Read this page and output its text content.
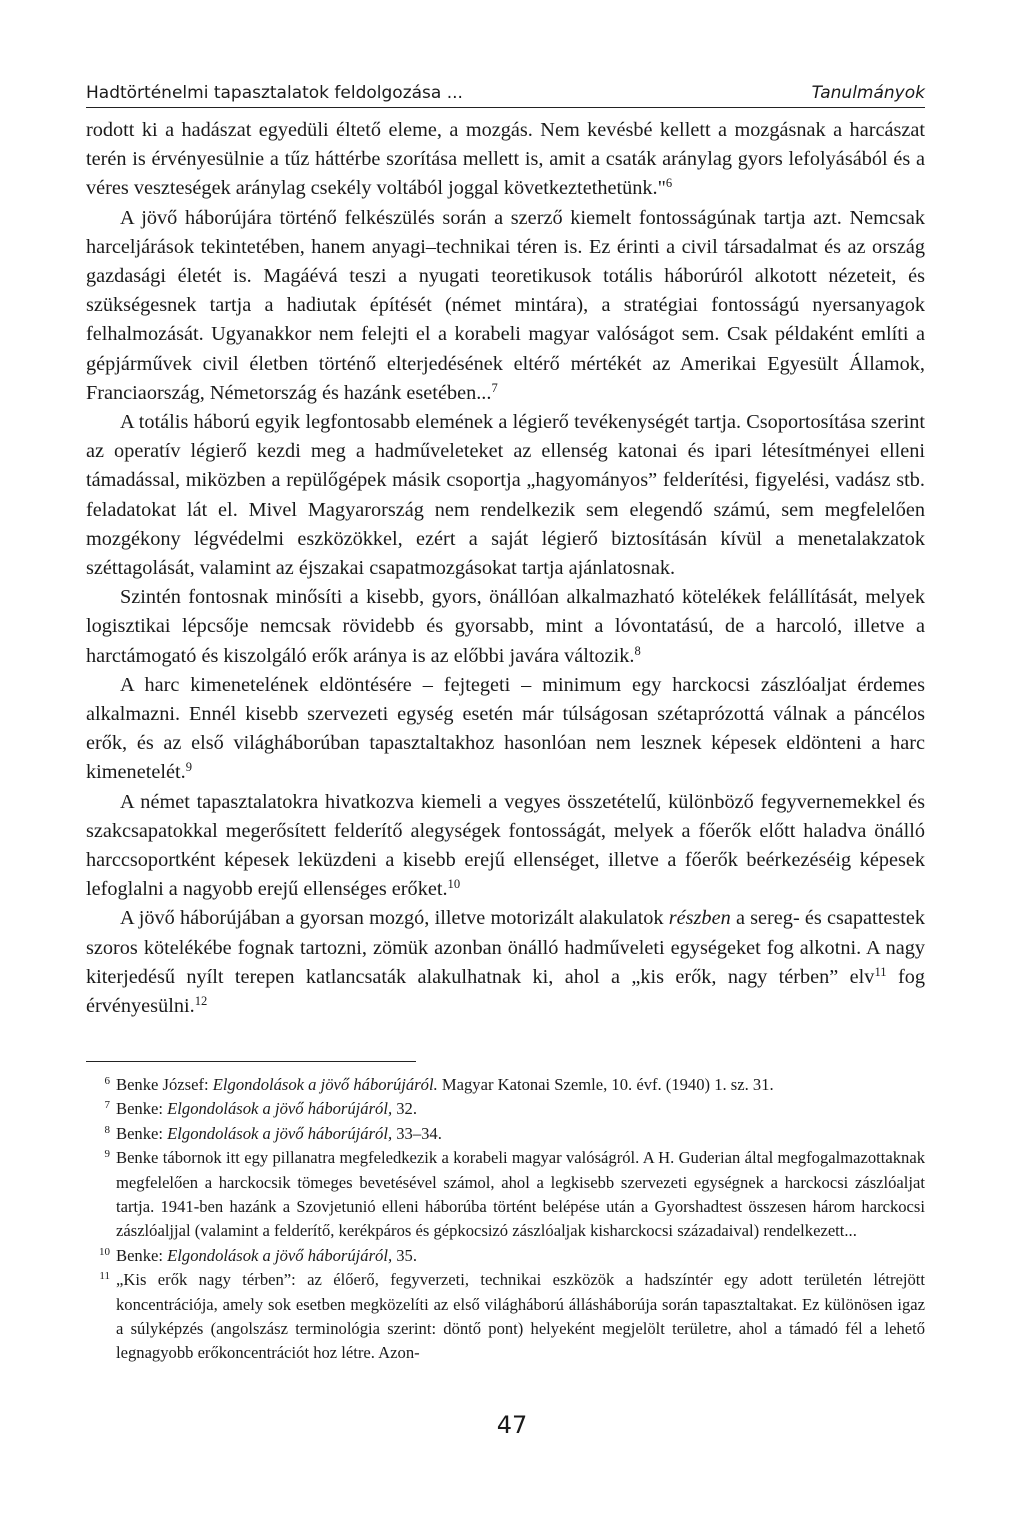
Hadtörténelmi tapasztalatok feldolgozása ...	Tanulmányok

rodott ki a hadászat egyedüli éltető eleme, a mozgás. Nem kevésbé kellett a mozgásnak a harcászat terén is érvényesülnie a tűz háttérbe szorítása mellett is, amit a csaták aránylag gyors lefolyásából és a véres veszteségek aránylag csekély voltából joggal következtethetünk."$^6$

A jövő háborújára történő felkészülés során a szerző kiemelt fontosságúnak tartja azt. Nemcsak harceljárások tekintetében, hanem anyagi–technikai téren is. Ez érinti a civil társadalmat és az ország gazdasági életét is. Magáévá teszi a nyugati teoretikusok totális háborúról alkotott nézeteit, és szükségesnek tartja a hadiutak építését (német mintára), a stratégiai fontosságú nyersanyagok felhalmozását. Ugyanakkor nem felejti el a korabeli magyar valóságot sem. Csak példaként említi a gépjárművek civil életben történő elterjedésének eltérő mértékét az Amerikai Egyesült Államok, Franciaország, Németország és hazánk esetében...$^7$

A totális háború egyik legfontosabb elemének a légierő tevékenységét tartja. Csoportosítása szerint az operatív légierő kezdi meg a hadműveleteket az ellenség katonai és ipari létesítményei elleni támadással, miközben a repülőgépek másik csoportja „hagyományos” felderítési, figyelési, vadász stb. feladatokat lát el. Mivel Magyarország nem rendelkezik sem elegendő számú, sem megfelelően mozgékony légvédelmi eszközökkel, ezért a saját légierő biztosításán kívül a menetalakzatok széttagolását, valamint az éjszakai csapatmozgásokat tartja ajánlatosnak.

Szintén fontosnak minősíti a kisebb, gyors, önállóan alkalmazható kötelékek felállítását, melyek logisztikai lépcsője nemcsak rövidebb és gyorsabb, mint a lóvontatású, de a harcoló, illetve a harctámogató és kiszolgáló erők aránya is az előbbi javára változik.$^8$

A harc kimenetelének eldöntésére – fejtegeti – minimum egy harckocsi zászlóaljat érdemes alkalmazni. Ennél kisebb szervezeti egység esetén már túlságosan szétaprózottá válnak a páncélos erők, és az első világháborúban tapasztaltakhoz hasonlóan nem lesznek képesek eldönteni a harc kimenetelét.$^9$

A német tapasztalatokra hivatkozva kiemeli a vegyes összetételű, különböző fegyvernemekkel és szakcsapatokkal megerősített felderítő alegységek fontosságát, melyek a főerők előtt haladva önálló harccsoportként képesek leküzdeni a kisebb erejű ellenséget, illetve a főerők beérkezéséig képesek lefoglalni a nagyobb erejű ellenséges erőket.$^{10}$

A jövő háborújában a gyorsan mozgó, illetve motorizált alakulatok részben a sereg- és csapattestek szoros kötelékébe fognak tartozni, zömük azonban önálló hadműveleti egységeket fog alkotni. A nagy kiterjedésű nyílt terepen katlancsaták alakulhatnak ki, ahol a „kis erők, nagy térben” elv$^{11}$ fog érvényesülni.$^{12}$

6 Benke József: Elgondolások a jövő háborújáról. Magyar Katonai Szemle, 10. évf. (1940) 1. sz. 31.
7 Benke: Elgondolások a jövő háborújáról, 32.
8 Benke: Elgondolások a jövő háborújáról, 33–34.
9 Benke tábornok itt egy pillanatra megfeledkezik a korabeli magyar valóságról. A H. Guderian által megfogalmazottaknak megfelelően a harckocsik tömeges bevetésével számol, ahol a legkisebb szervezeti egységnek a harckocsi zászlóaljat tartja. 1941-ben hazánk a Szovjetunió elleni háborúba történt belépése után a Gyorshadtest összesen három harckocsi zászlóaljjal (valamint a felderítő, kerékpáros és gépkocsizó zászlóaljak kisharckocsi századaival) rendelkezett...
10 Benke: Elgondolások a jövő háborújáról, 35.
11 „Kis erők nagy térben”: az élőerő, fegyverzeti, technikai eszközök a hadszíntér egy adott területén létrejött koncentrációja, amely sok esetben megközelíti az első világháború állásháborúja során tapasztaltakat. Ez különösen igaz a súlyképzés (angolszász terminológia szerint: döntő pont) helyeként megjelölt területre, ahol a támadó fél a lehető legnagyobb erőkoncentrációt hoz létre. Azon-
47
